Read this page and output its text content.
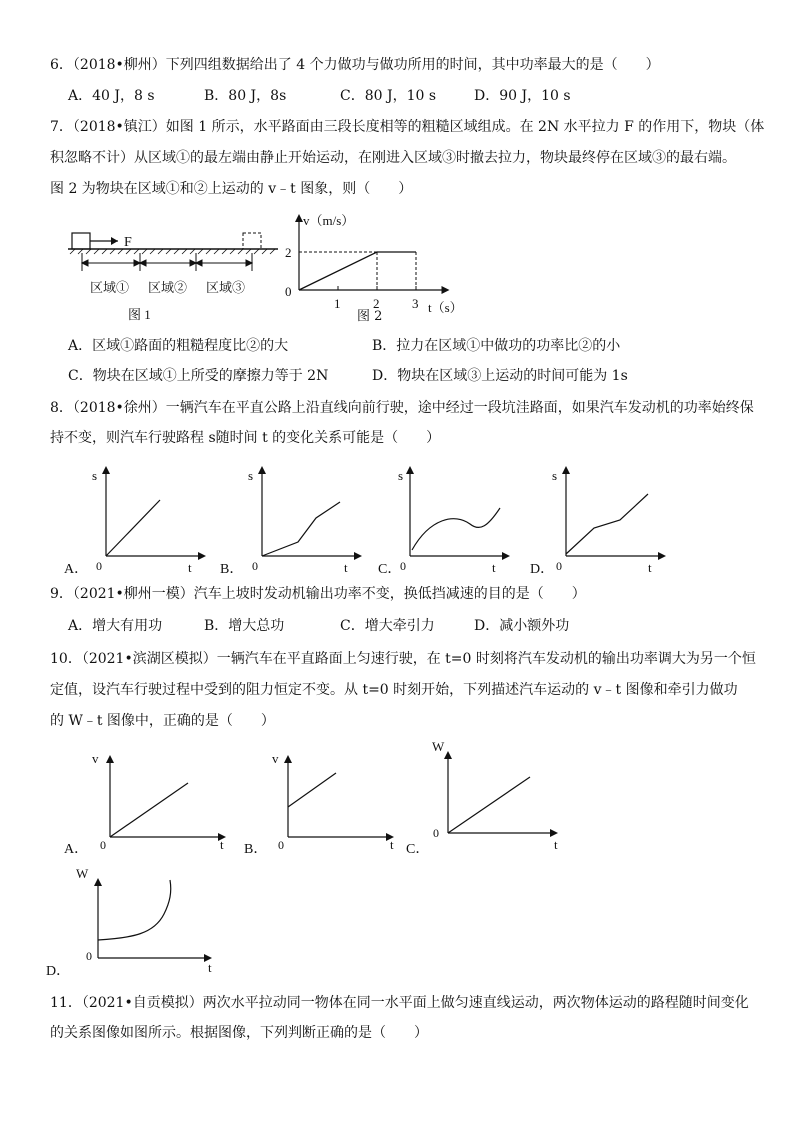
6．（2018•柳州）下列四组数据给出了 4 个力做功与做功所用的时间，其中功率最大的是（　　）
A．40 J，8 s	B．80 J，8s	C．80 J，10 s	D．90 J，10 s
7．（2018•镇江）如图 1 所示，水平路面由三段长度相等的粗糙区域组成。在 2N 水平拉力 F 的作用下，物块（体
积忽略不计）从区域①的最左端由静止开始运动，在刚进入区域③时撤去拉力，物块最终停在区域③的最右端。
图 2 为物块在区域①和②上运动的 v﹣t 图象，则（　　）
F
区域① 区域② 区域③
图 1
v（m/s）
t（s）
0
2
1	2	3
图 2
A．区域①路面的粗糙程度比②的大	B．拉力在区域①中做功的功率比②的小
C．物块在区域①上所受的摩擦力等于 2N	D．物块在区域③上运动的时间可能为 1s
8．（2018•徐州）一辆汽车在平直公路上沿直线向前行驶，途中经过一段坑洼路面，如果汽车发动机的功率始终保
持不变，则汽车行驶路程 s随时间 t 的变化关系可能是（　　）
A．
s
t
0	B．
s
t
0	C．
s
t
0	D．
s
t
0
9．（2021•柳州一模）汽车上坡时发动机输出功率不变，换低挡减速的目的是（　　）
A．增大有用功	B．增大总功	C．增大牵引力	D．减小额外功
10．（2021•滨湖区模拟）一辆汽车在平直路面上匀速行驶，在 t=0 时刻将汽车发动机的输出功率调大为另一个恒
定值，设汽车行驶过程中受到的阻力恒定不变。从 t=0 时刻开始，下列描述汽车运动的 v﹣t 图像和牵引力做功
的 W﹣t 图像中，正确的是（　　）
A．
v
t
0	B．
v
t
0	C．
W
t
0
D．
W
t
0
11．（2021•自贡模拟）两次水平拉动同一物体在同一水平面上做匀速直线运动，两次物体运动的路程随时间变化
的关系图像如图所示。根据图像，下列判断正确的是（　　）
